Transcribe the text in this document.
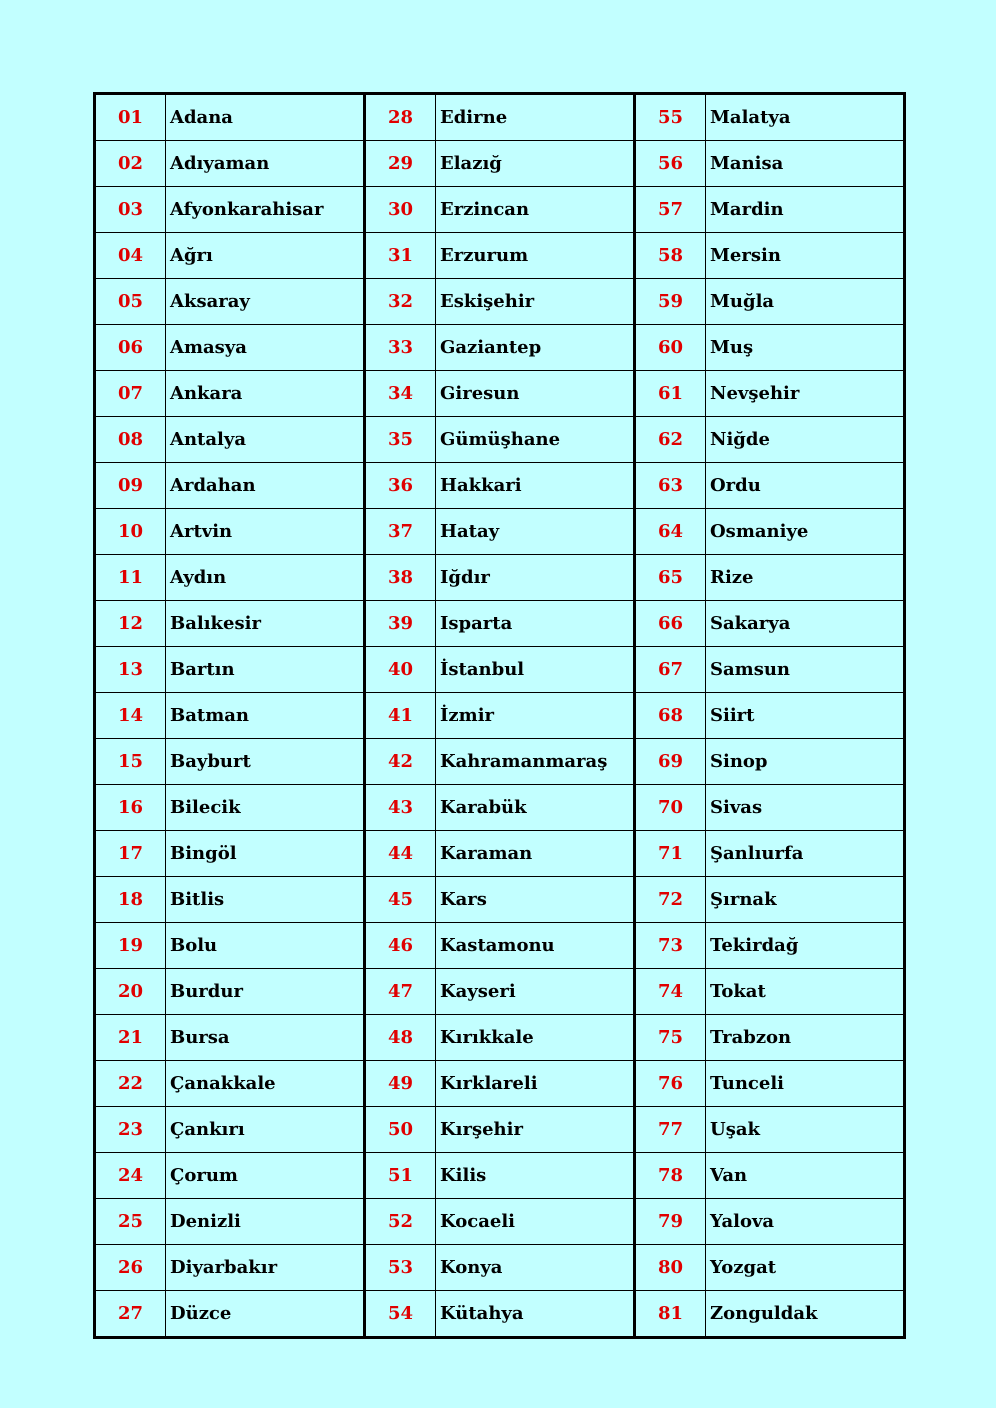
01	Adana	28	Edirne	55	Malatya
02	Adıyaman	29	Elazığ	56	Manisa
03	Afyonkarahisar	30	Erzincan	57	Mardin
04	Ağrı	31	Erzurum	58	Mersin
05	Aksaray	32	Eskişehir	59	Muğla
06	Amasya	33	Gaziantep	60	Muş
07	Ankara	34	Giresun	61	Nevşehir
08	Antalya	35	Gümüşhane	62	Niğde
09	Ardahan	36	Hakkari	63	Ordu
10	Artvin	37	Hatay	64	Osmaniye
11	Aydın	38	Iğdır	65	Rize
12	Balıkesir	39	Isparta	66	Sakarya
13	Bartın	40	İstanbul	67	Samsun
14	Batman	41	İzmir	68	Siirt
15	Bayburt	42	Kahramanmaraş	69	Sinop
16	Bilecik	43	Karabük	70	Sivas
17	Bingöl	44	Karaman	71	Şanlıurfa
18	Bitlis	45	Kars	72	Şırnak
19	Bolu	46	Kastamonu	73	Tekirdağ
20	Burdur	47	Kayseri	74	Tokat
21	Bursa	48	Kırıkkale	75	Trabzon
22	Çanakkale	49	Kırklareli	76	Tunceli
23	Çankırı	50	Kırşehir	77	Uşak
24	Çorum	51	Kilis	78	Van
25	Denizli	52	Kocaeli	79	Yalova
26	Diyarbakır	53	Konya	80	Yozgat
27	Düzce	54	Kütahya	81	Zonguldak
